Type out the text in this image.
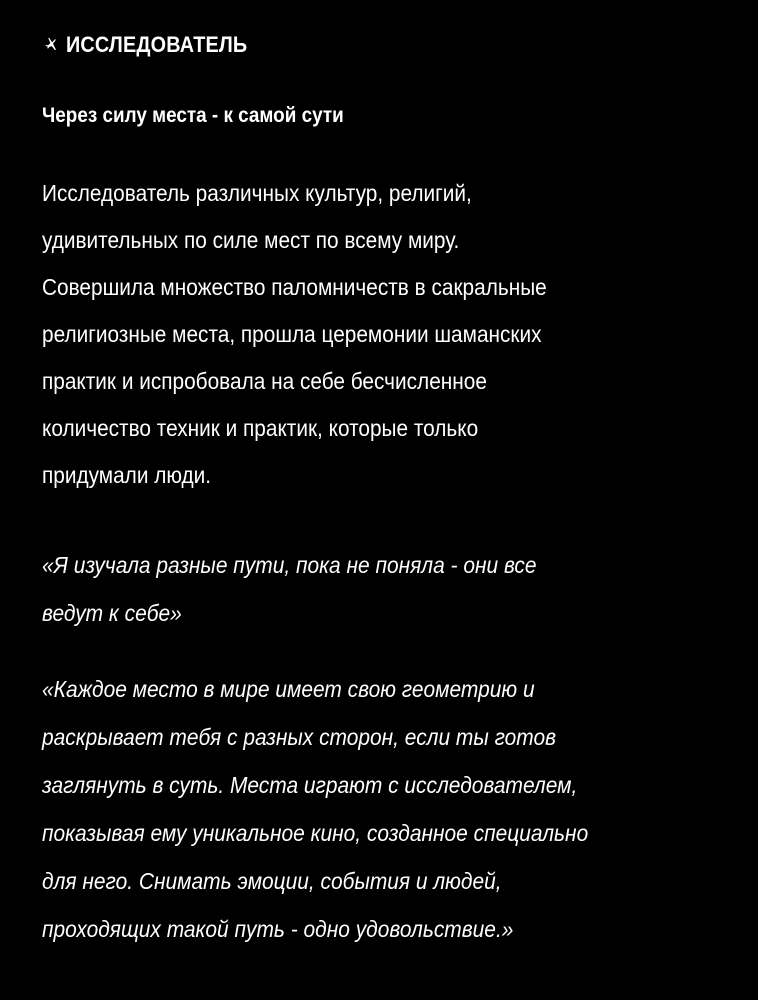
ИССЛЕДОВАТЕЛЬ
Через силу места - к самой сути
Исследователь различных культур, религий,
удивительных по силе мест по всему миру.
Совершила множество паломничеств в сакральные
религиозные места, прошла церемонии шаманских
практик и испробовала на себе бесчисленное
количество техник и практик, которые только
придумали люди.
«Я изучала разные пути, пока не поняла - они все
ведут к себе»
«Каждое место в мире имеет свою геометрию и
раскрывает тебя с разных сторон, если ты готов
заглянуть в суть. Места играют с исследователем,
показывая ему уникальное кино, созданное специально
для него. Снимать эмоции, события и людей,
проходящих такой путь - одно удовольствие.»
